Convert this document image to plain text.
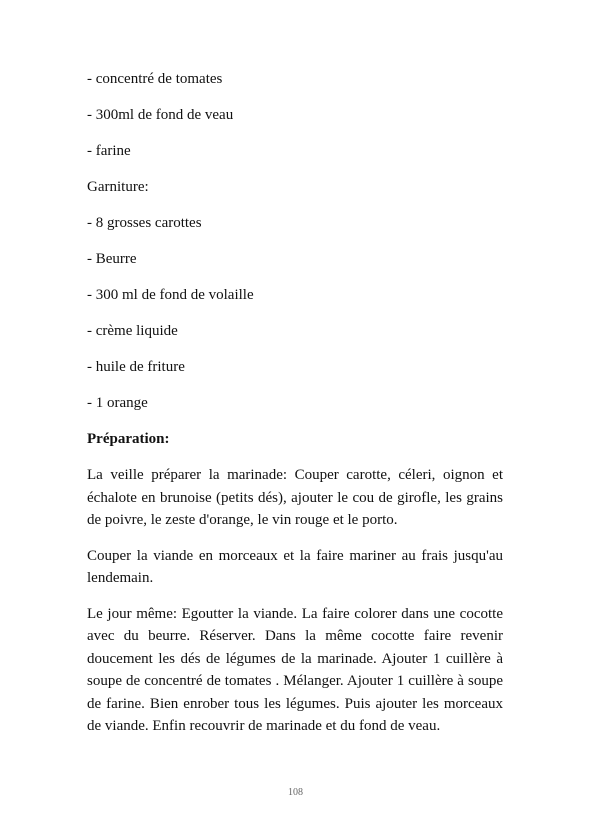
- concentré de tomates
- 300ml de fond de veau
- farine
Garniture:
- 8 grosses carottes
- Beurre
- 300 ml de fond de volaille
- crème liquide
- huile de friture
- 1 orange
Préparation:
La veille préparer la marinade: Couper carotte, céleri, oignon et échalote en brunoise (petits dés), ajouter le cou de girofle, les grains de poivre, le zeste d'orange, le vin rouge et le porto.
Couper la viande en morceaux et la faire mariner au frais jusqu'au lendemain.
Le jour même: Egoutter la viande. La faire colorer dans une cocotte avec du beurre. Réserver. Dans la même cocotte faire revenir doucement les dés de légumes de la marinade. Ajouter 1 cuillère à soupe de concentré de tomates . Mélanger. Ajouter 1 cuillère à soupe de farine. Bien enrober tous les légumes. Puis ajouter les morceaux de viande. Enfin recouvrir de marinade et du fond de veau.
108
